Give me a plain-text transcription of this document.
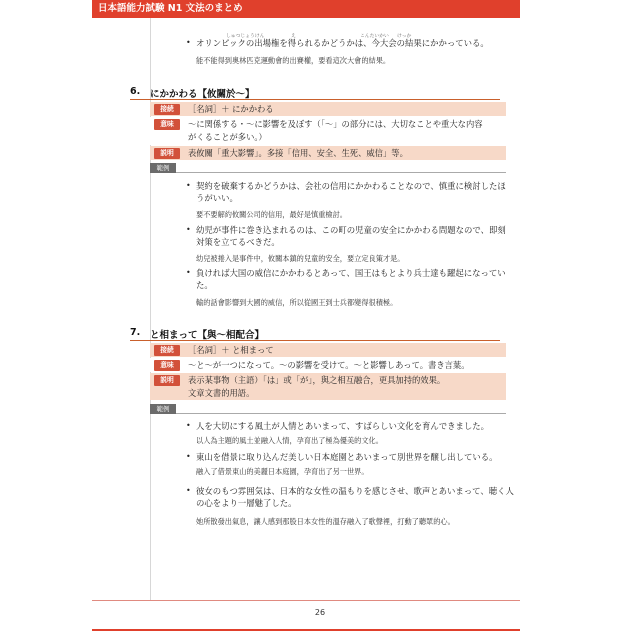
日本語能力試験 N1 文法のまとめ
しゅつじょうけん	え	こんたいかい けっか
• オリンピックの出場権を得られるかどうかは、今大会の結果にかかっている。
能不能得到奧林匹克運動會的出賽權，要看這次大會的結果。
6. にかかわる【攸關於～】
接続	［名詞］＋ にかかわる
意味	～に関係する・～に影響を及ぼす（「～」の部分には、大切なことや重大な内容
がくることが多い。）
説明	表攸關「重大影響」。多接「信用、安全、生死、威信」等。
範例
• 契約を破棄するかどうかは、会社の信用にかかわることなので、慎重に検討したほ
うがいい。
要不要解約攸關公司的信用，最好是慎重檢討。
• 幼児が事件に巻き込まれるのは、この町の児童の安全にかかわる問題なので、即刻
対策を立てるべきだ。
幼兒被捲入是事件中，攸關本鎮的兒童的安全，要立定良策才是。
• 負ければ大国の威信にかかわるとあって、国王はもとより兵士達も躍起になってい
た。
輸的話會影響到大國的威信，所以從國王到士兵都變得很積極。
7. と相まって【與～相配合】
接続	［名詞］＋ と相まって
意味	～と～が一つになって。～の影響を受けて。～と影響しあって。書き言葉。
説明	表示某事物（主語）「は」或「が」，與之相互融合，更具加持的效果。
文章文書的用語。
範例
• 人を大切にする風土が人情とあいまって、すばらしい文化を育んできました。
以人為主題的風土並融入人情，孕育出了極為優美的文化。
• 東山を借景に取り込んだ美しい日本庭園とあいまって別世界を醸し出している。
融入了借景東山的美麗日本庭園，孕育出了另一世界。
• 彼女のもつ雰囲気は、日本的な女性の温もりを感じさせ、歌声とあいまって、聴く人
の心をより一層魅了した。
她所散發出氣息，讓人感到那股日本女性的溫存融入了歌聲裡，打動了聽眾的心。
26
